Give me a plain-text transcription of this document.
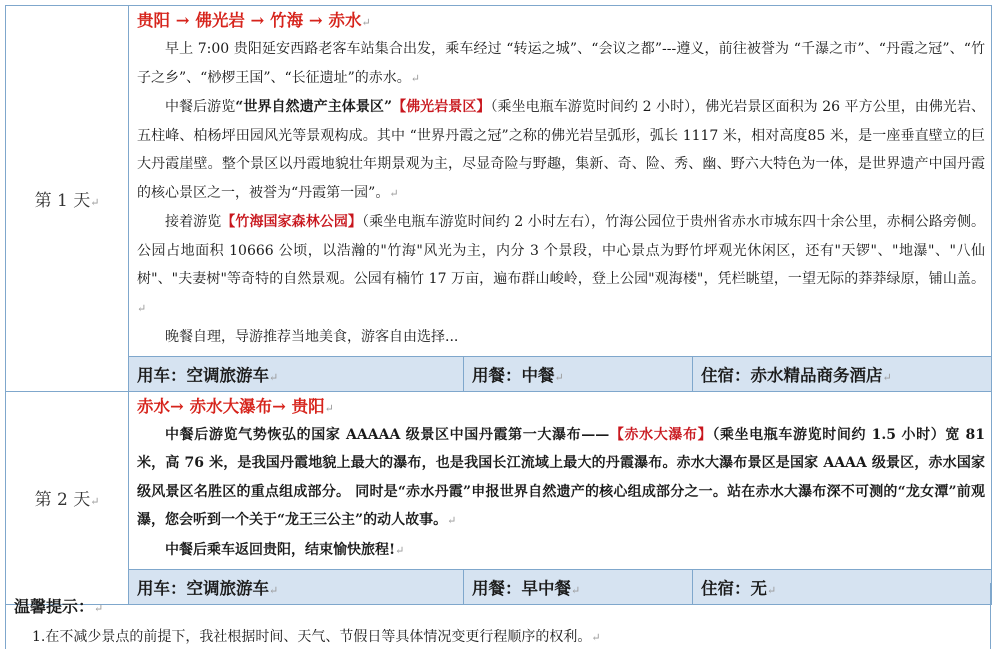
第 1 天↵	贵阳 → 佛光岩 → 竹海 → 赤水↵
早上 7:00 贵阳延安西路老客车站集合出发，乘车经过 “转运之城”、“会议之都”---遵义，前往被誉为 “千瀑之市”、“丹霞之冠”、“竹子之乡”、“桫椤王国”、“长征遗址”的赤水。↵
中餐后游览“世界自然遗产主体景区”【佛光岩景区】（乘坐电瓶车游览时间约 2 小时），佛光岩景区面积为 26 平方公里，由佛光岩、五柱峰、柏杨坪田园风光等景观构成。其中 “世界丹霞之冠”之称的佛光岩呈弧形，弧长 1117 米，相对高度85 米，是一座垂直壁立的巨大丹霞崖壁。整个景区以丹霞地貌壮年期景观为主，尽显奇险与野趣，集新、奇、险、秀、幽、野六大特色为一体，是世界遗产中国丹霞的核心景区之一，被誉为“丹霞第一园”。↵
接着游览【竹海国家森林公园】（乘坐电瓶车游览时间约 2 小时左右），竹海公园位于贵州省赤水市城东四十余公里，赤桐公路旁侧。公园占地面积 10666 公顷，以浩瀚的"竹海"风光为主，内分 3 个景段，中心景点为野竹坪观光休闲区，还有"天锣"、"地瀑"、"八仙树"、"夫妻树"等奇特的自然景观。公园有楠竹 17 万亩，遍布群山峻岭，登上公园"观海楼"，凭栏眺望，一望无际的莽莽绿原，铺山盖。↵
晚餐自理，导游推荐当地美食，游客自由选择...		

	用车：空调旅游车↵	用餐：中餐↵	住宿：赤水精品商务酒店↵
第 2 天↵	赤水→ 赤水大瀑布→ 贵阳↵
中餐后游览气势恢弘的国家 AAAAA 级景区中国丹霞第一大瀑布——【赤水大瀑布】（乘坐电瓶车游览时间约 1.5 小时）宽 81 米，高 76 米，是我国丹霞地貌上最大的瀑布，也是我国长江流域上最大的丹霞瀑布。赤水大瀑布景区是国家 AAAA 级景区，赤水国家级风景区名胜区的重点组成部分。 同时是“赤水丹霞”申报世界自然遗产的核心组成部分之一。站在赤水大瀑布深不可测的“龙女潭”前观瀑，您会听到一个关于“龙王三公主”的动人故事。↵
中餐后乘车返回贵阳，结束愉快旅程!↵		

	用车：空调旅游车↵	用餐：早中餐↵	住宿：无↵
温馨提示：↵
1.在不减少景点的前提下，我社根据时间、天气、节假日等具体情况变更行程顺序的权利。↵
